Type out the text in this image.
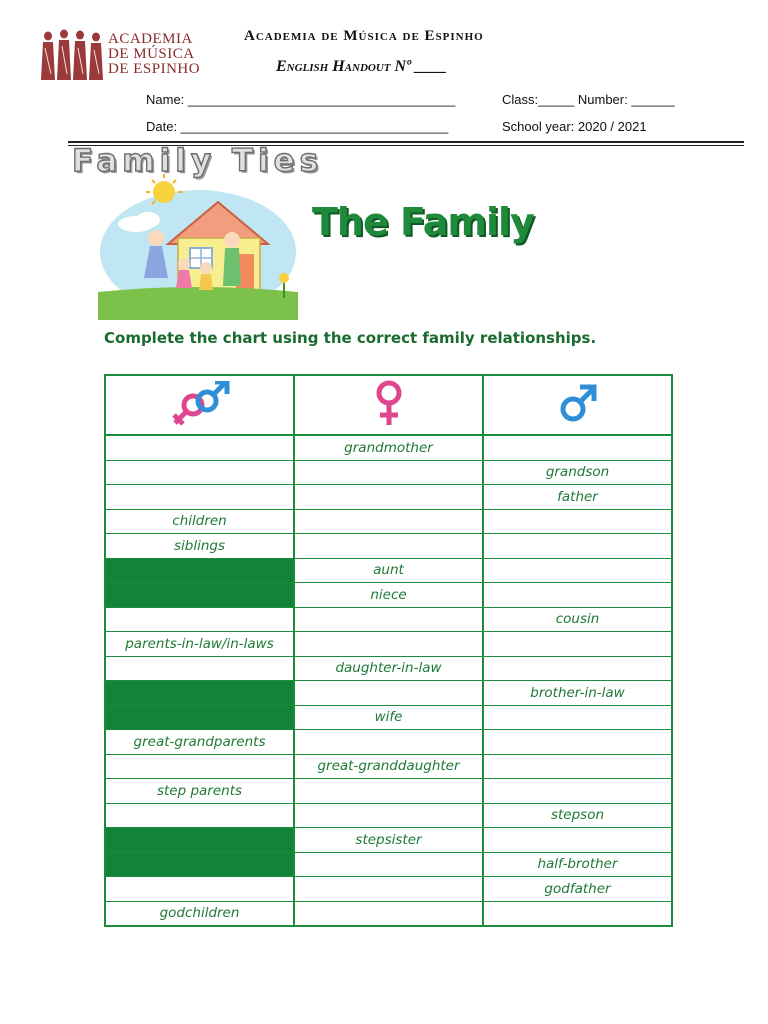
ACADEMIA
DE MÚSICA
DE ESPINHO
Academia de Música de Espinho
English Handout Nº ____
Name: _____________________________________	Class:_____ Number: ______
Date: _____________________________________	School year: 2020 / 2021
Family Ties
The Family
Complete the chart using the correct family relationships.

	grandmother	
		grandson
		father
children		
siblings		
	aunt	
	niece	
		cousin
parents-in-law/in-laws		
	daughter-in-law	
		brother-in-law
	wife	
great-grandparents		
	great-granddaughter	
step parents		
		stepson
	stepsister	
		half-brother
		godfather
godchildren		
